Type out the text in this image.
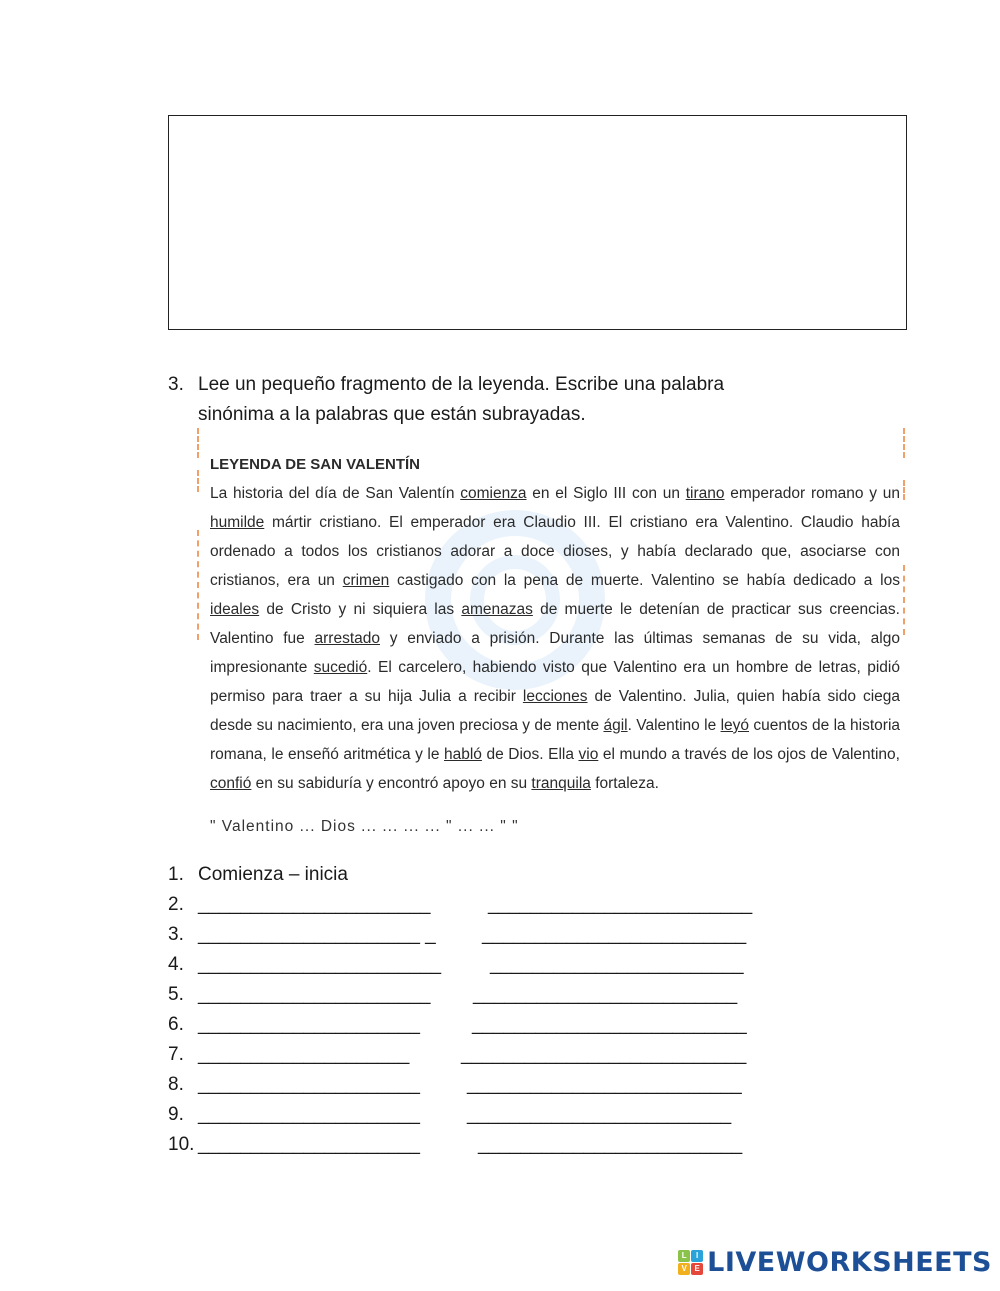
3. Lee un pequeño fragmento de la leyenda. Escribe una palabra
sinónima a la palabras que están subrayadas.

LEYENDA DE SAN VALENTÍN

La historia del día de San Valentín comienza en el Siglo III con un tirano emperador romano y un humilde mártir cristiano. El emperador era Claudio III. El cristiano era Valentino. Claudio había ordenado a todos los cristianos adorar a doce dioses, y había declarado que, asociarse con cristianos, era un crimen castigado con la pena de muerte. Valentino se había dedicado a los ideales de Cristo y ni siquiera las amenazas de muerte le detenían de practicar sus creencias. Valentino fue arrestado y enviado a prisión. Durante las últimas semanas de su vida, algo impresionante sucedió. El carcelero, habiendo visto que Valentino era un hombre de letras, pidió permiso para traer a su hija Julia a recibir lecciones de Valentino. Julia, quien había sido ciega desde su nacimiento, era una joven preciosa y de mente ágil. Valentino le leyó cuentos de la historia romana, le enseñó aritmética y le habló de Dios. Ella vio el mundo a través de los ojos de Valentino, confió en su sabiduría y encontró apoyo en su tranquila fortaleza.

" Valentino ... Dios ... ... ... ... " ... ... " "

1. Comienza – inicia
2. ______________________	_________________________
3. _____________________ _ _________________________
4. _______________________	________________________
5. ______________________ _________________________
6. _____________________	__________________________
7. ____________________	___________________________
8. _____________________ __________________________
9. _____________________ _________________________
10. _____________________	_________________________
L	I
V E LIVEWORKSHEETS
